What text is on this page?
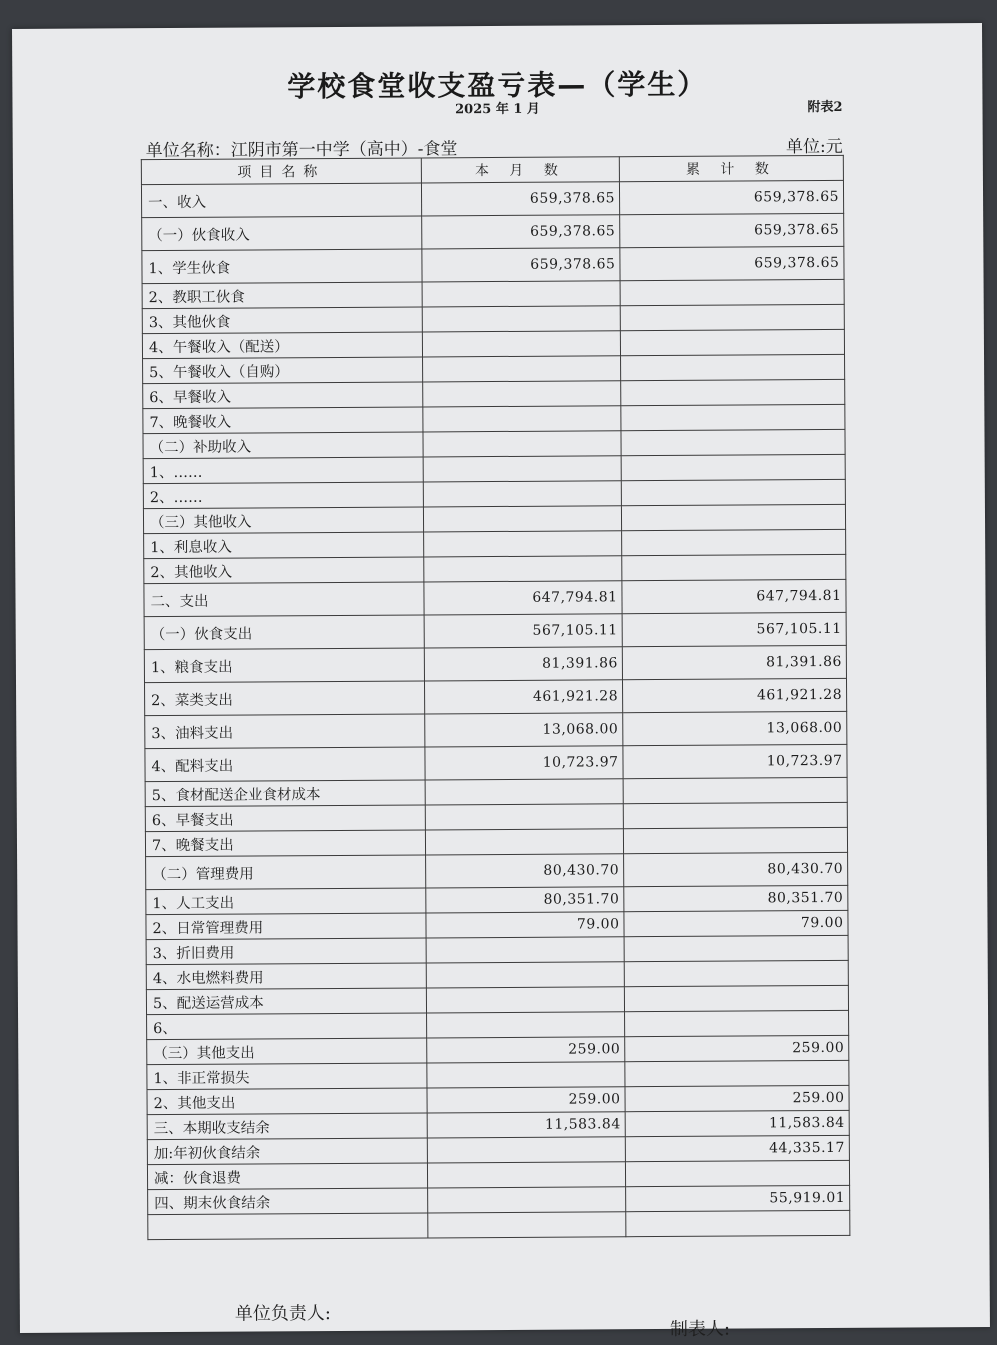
学校食堂收支盈亏表—（学生）
2025 年 1 月	附表2
单位名称：江阴市第一中学（高中）-食堂	单位:元
项目名称	本 月 数	累 计 数
一、收入	659,378.65	659,378.65
（一）伙食收入	659,378.65	659,378.65
1、学生伙食	659,378.65	659,378.65
2、教职工伙食		
3、其他伙食		
4、午餐收入（配送）		
5、午餐收入（自购）		
6、早餐收入		
7、晚餐收入		
（二）补助收入		
1、……		
2、……		
（三）其他收入		
1、利息收入		
2、其他收入		
二、支出	647,794.81	647,794.81
（一）伙食支出	567,105.11	567,105.11
1、粮食支出	81,391.86	81,391.86
2、菜类支出	461,921.28	461,921.28
3、油料支出	13,068.00	13,068.00
4、配料支出	10,723.97	10,723.97
5、食材配送企业食材成本		
6、早餐支出		
7、晚餐支出		
（二）管理费用	80,430.70	80,430.70
1、人工支出	80,351.70	80,351.70
2、日常管理费用	79.00	79.00
3、折旧费用		
4、水电燃料费用		
5、配送运营成本		
6、		
（三）其他支出	259.00	259.00
1、非正常损失		
2、其他支出	259.00	259.00
三、本期收支结余	11,583.84	11,583.84
加:年初伙食结余		44,335.17
减：伙食退费		
四、期末伙食结余		55,919.01

单位负责人:
制表人:
